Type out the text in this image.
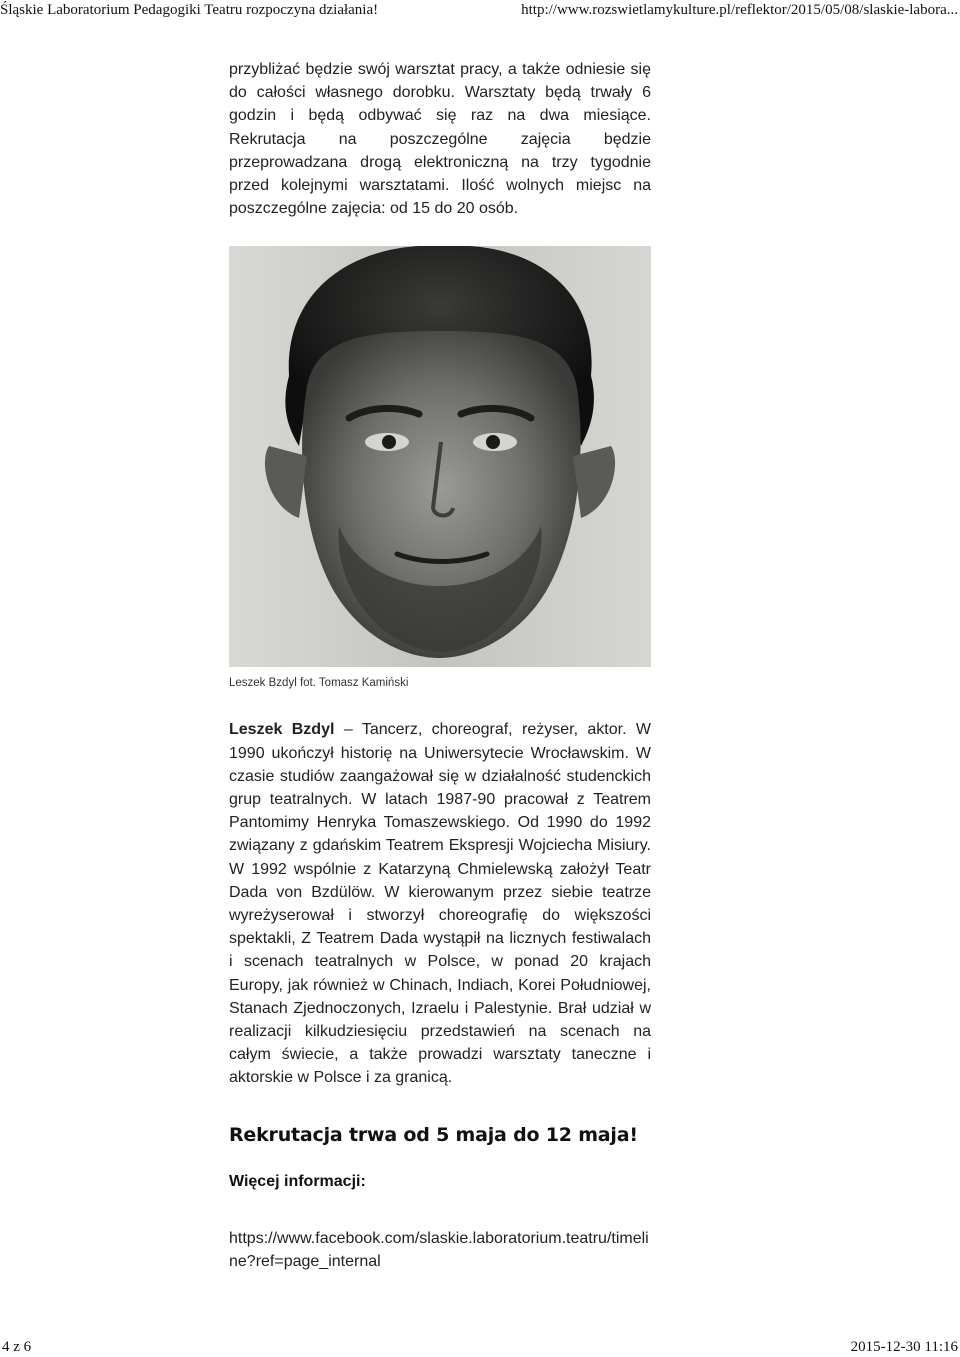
Śląskie Laboratorium Pedagogiki Teatru rozpoczyna działania!	http://www.rozswietlamykulture.pl/reflektor/2015/05/08/slaskie-labora...

przybliżać będzie swój warsztat pracy, a także odniesie się do całości własnego dorobku. Warsztaty będą trwały 6 godzin i będą odbywać się raz na dwa miesiące. Rekrutacja na poszczególne zajęcia będzie przeprowadzana drogą elektroniczną na trzy tygodnie przed kolejnymi warsztatami. Ilość wolnych miejsc na poszczególne zajęcia: od 15 do 20 osób.

Leszek Bzdyl fot. Tomasz Kamiński

Leszek Bzdyl – Tancerz, choreograf, reżyser, aktor. W 1990 ukończył historię na Uniwersytecie Wrocławskim. W czasie studiów zaangażował się w działalność studenckich grup teatralnych. W latach 1987-90 pracował z Teatrem Pantomimy Henryka Tomaszewskiego. Od 1990 do 1992 związany z gdańskim Teatrem Ekspresji Wojciecha Misiury. W 1992 wspólnie z Katarzyną Chmielewską założył Teatr Dada von Bzdülöw. W kierowanym przez siebie teatrze wyreżyserował i stworzył choreografię do większości spektakli, Z Teatrem Dada wystąpił na licznych festiwalach i scenach teatralnych w Polsce, w ponad 20 krajach Europy, jak również w Chinach, Indiach, Korei Południowej, Stanach Zjednoczonych, Izraelu i Palestynie. Brał udział w realizacji kilkudziesięciu przedstawień na scenach na całym świecie, a także prowadzi warsztaty taneczne i aktorskie w Polsce i za granicą.

Rekrutacja trwa od 5 maja do 12 maja!

Więcej informacji:

https://www.facebook.com/slaskie.laboratorium.teatru/timeline?ref=page_internal

4 z 6	2015-12-30 11:16
